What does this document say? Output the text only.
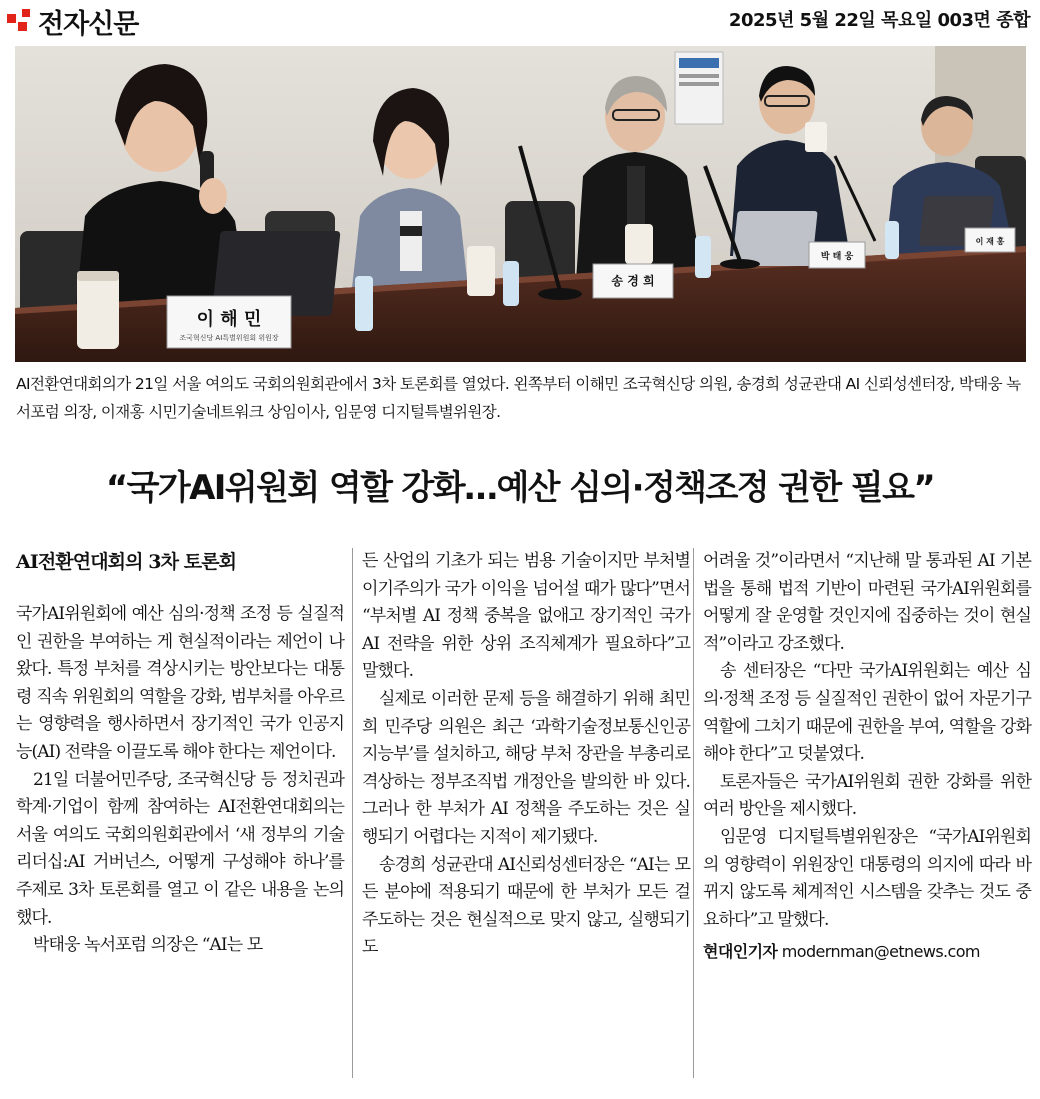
전자신문	2025년 5월 22일 목요일 003면 종합
이 해 민
조국혁신당 AI특별위원회 위원장
송 경 희
박 태 웅
이 재 홍
AI전환연대회의가 21일 서울 여의도 국회의원회관에서 3차 토론회를 열었다. 왼쪽부터 이해민 조국혁신당 의원, 송경희 성균관대 AI 신뢰성센터장, 박태웅 녹서포럼 의장, 이재홍 시민기술네트워크 상임이사, 임문영 디지털특별위원장.
“국가AI위원회 역할 강화…예산 심의·정책조정 권한 필요”
AI전환연대회의 3차 토론회

국가AI위원회에 예산 심의·정책 조정 등 실질적인 권한을 부여하는 게 현실적이라는 제언이 나왔다. 특정 부처를 격상시키는 방안보다는 대통령 직속 위원회의 역할을 강화, 범부처를 아우르는 영향력을 행사하면서 장기적인 국가 인공지능(AI) 전략을 이끌도록 해야 한다는 제언이다.

21일 더불어민주당, 조국혁신당 등 정치권과 학계·기업이 함께 참여하는 AI전환연대회의는 서울 여의도 국회의원회관에서 ‘새 정부의 기술리더십:AI 거버넌스, 어떻게 구성해야 하나’를 주제로 3차 토론회를 열고 이 같은 내용을 논의했다.

박태웅 녹서포럼 의장은 “AI는 모

든 산업의 기초가 되는 범용 기술이지만 부처별 이기주의가 국가 이익을 넘어설 때가 많다”면서 “부처별 AI 정책 중복을 없애고 장기적인 국가 AI 전략을 위한 상위 조직체계가 필요하다”고 말했다.

실제로 이러한 문제 등을 해결하기 위해 최민희 민주당 의원은 최근 ‘과학기술정보통신인공지능부’를 설치하고, 해당 부처 장관을 부총리로 격상하는 정부조직법 개정안을 발의한 바 있다. 그러나 한 부처가 AI 정책을 주도하는 것은 실행되기 어렵다는 지적이 제기됐다.

송경희 성균관대 AI신뢰성센터장은 “AI는 모든 분야에 적용되기 때문에 한 부처가 모든 걸 주도하는 것은 현실적으로 맞지 않고, 실행되기도

어려울 것”이라면서 “지난해 말 통과된 AI 기본법을 통해 법적 기반이 마련된 국가AI위원회를 어떻게 잘 운영할 것인지에 집중하는 것이 현실적”이라고 강조했다.

송 센터장은 “다만 국가AI위원회는 예산 심의·정책 조정 등 실질적인 권한이 없어 자문기구 역할에 그치기 때문에 권한을 부여, 역할을 강화해야 한다”고 덧붙였다.

토론자들은 국가AI위원회 권한 강화를 위한 여러 방안을 제시했다.

임문영 디지털특별위원장은 “국가AI위원회의 영향력이 위원장인 대통령의 의지에 따라 바뀌지 않도록 체계적인 시스템을 갖추는 것도 중요하다”고 말했다.

현대인기자 modernman@etnews.com
